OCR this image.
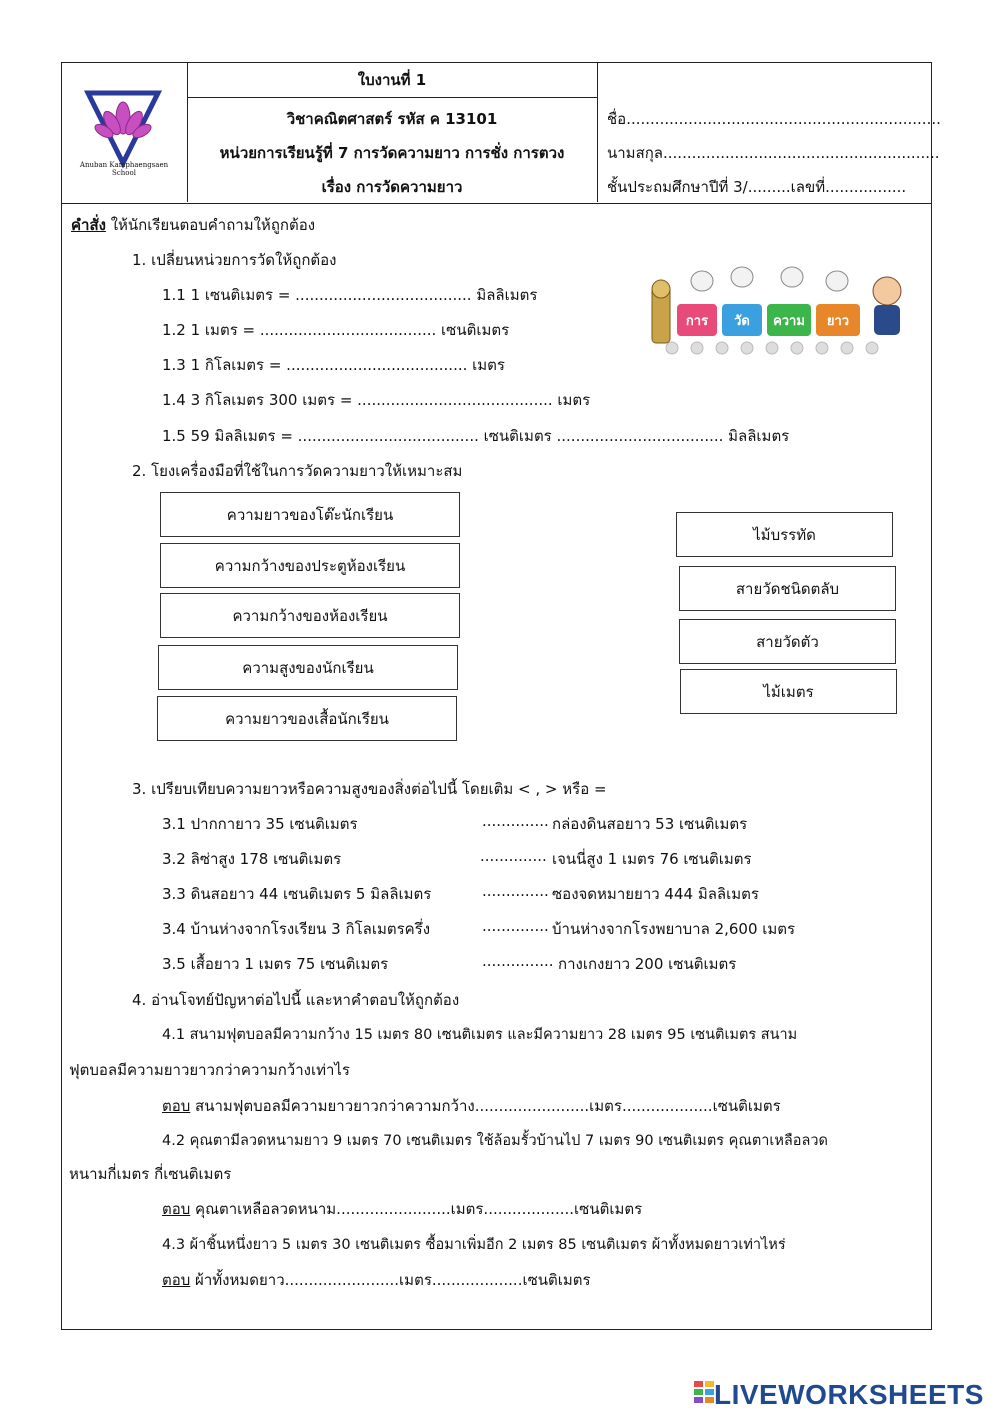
Anuban Kamphaengsaen School
ใบงานที่ 1
วิชาคณิตศาสตร์ รหัส ค 13101
หน่วยการเรียนรู้ที่ 7 การวัดความยาว การชั่ง การตวง
เรื่อง การวัดความยาว
ชื่อ..................................................................
นามสกุล..........................................................
ชั้นประถมศึกษาปีที่ 3/.........เลขที่.................
คำสั่ง ให้นักเรียนตอบคำถามให้ถูกต้อง
1. เปลี่ยนหน่วยการวัดให้ถูกต้อง
1.1 1 เซนติเมตร = ..................................... มิลลิเมตร
1.2 1 เมตร = ..................................... เซนติเมตร
1.3 1 กิโลเมตร = ...................................... เมตร
1.4 3 กิโลเมตร 300 เมตร = ......................................... เมตร
1.5 59 มิลลิเมตร = ...................................... เซนติเมตร ................................... มิลลิเมตร
การ วัด ความ ยาว
2. โยงเครื่องมือที่ใช้ในการวัดความยาวให้เหมาะสม
ความยาวของโต๊ะนักเรียน
ความกว้างของประตูห้องเรียน
ความกว้างของห้องเรียน
ความสูงของนักเรียน
ความยาวของเสื้อนักเรียน
ไม้บรรทัด
สายวัดชนิดตลับ
สายวัดตัว
ไม้เมตร
3. เปรียบเทียบความยาวหรือความสูงของสิ่งต่อไปนี้ โดยเติม < , > หรือ =
3.1 ปากกายาว 35 เซนติเมตร	.............. กล่องดินสอยาว 53 เซนติเมตร
3.2 ลิซ่าสูง 178 เซนติเมตร	.............. เจนนี่สูง 1 เมตร 76 เซนติเมตร
3.3 ดินสอยาว 44 เซนติเมตร 5 มิลลิเมตร	.............. ซองจดหมายยาว 444 มิลลิเมตร
3.4 บ้านห่างจากโรงเรียน 3 กิโลเมตรครึ่ง	.............. บ้านห่างจากโรงพยาบาล 2,600 เมตร
3.5 เสื้อยาว 1 เมตร 75 เซนติเมตร	............... กางเกงยาว 200 เซนติเมตร
4. อ่านโจทย์ปัญหาต่อไปนี้ และหาคำตอบให้ถูกต้อง
4.1 สนามฟุตบอลมีความกว้าง 15 เมตร 80 เซนติเมตร และมีความยาว 28 เมตร 95 เซนติเมตร สนาม
ฟุตบอลมีความยาวยาวกว่าความกว้างเท่าไร
ตอบ สนามฟุตบอลมีความยาวยาวกว่าความกว้าง........................เมตร...................เซนติเมตร
4.2 คุณตามีลวดหนามยาว 9 เมตร 70 เซนติเมตร ใช้ล้อมรั้วบ้านไป 7 เมตร 90 เซนติเมตร คุณตาเหลือลวด
หนามกี่เมตร กี่เซนติเมตร
ตอบ คุณตาเหลือลวดหนาม........................เมตร...................เซนติเมตร
4.3 ผ้าชิ้นหนึ่งยาว 5 เมตร 30 เซนติเมตร ซื้อมาเพิ่มอีก 2 เมตร 85 เซนติเมตร ผ้าทั้งหมดยาวเท่าไหร่
ตอบ ผ้าทั้งหมดยาว........................เมตร...................เซนติเมตร
LIVEWORKSHEETS
